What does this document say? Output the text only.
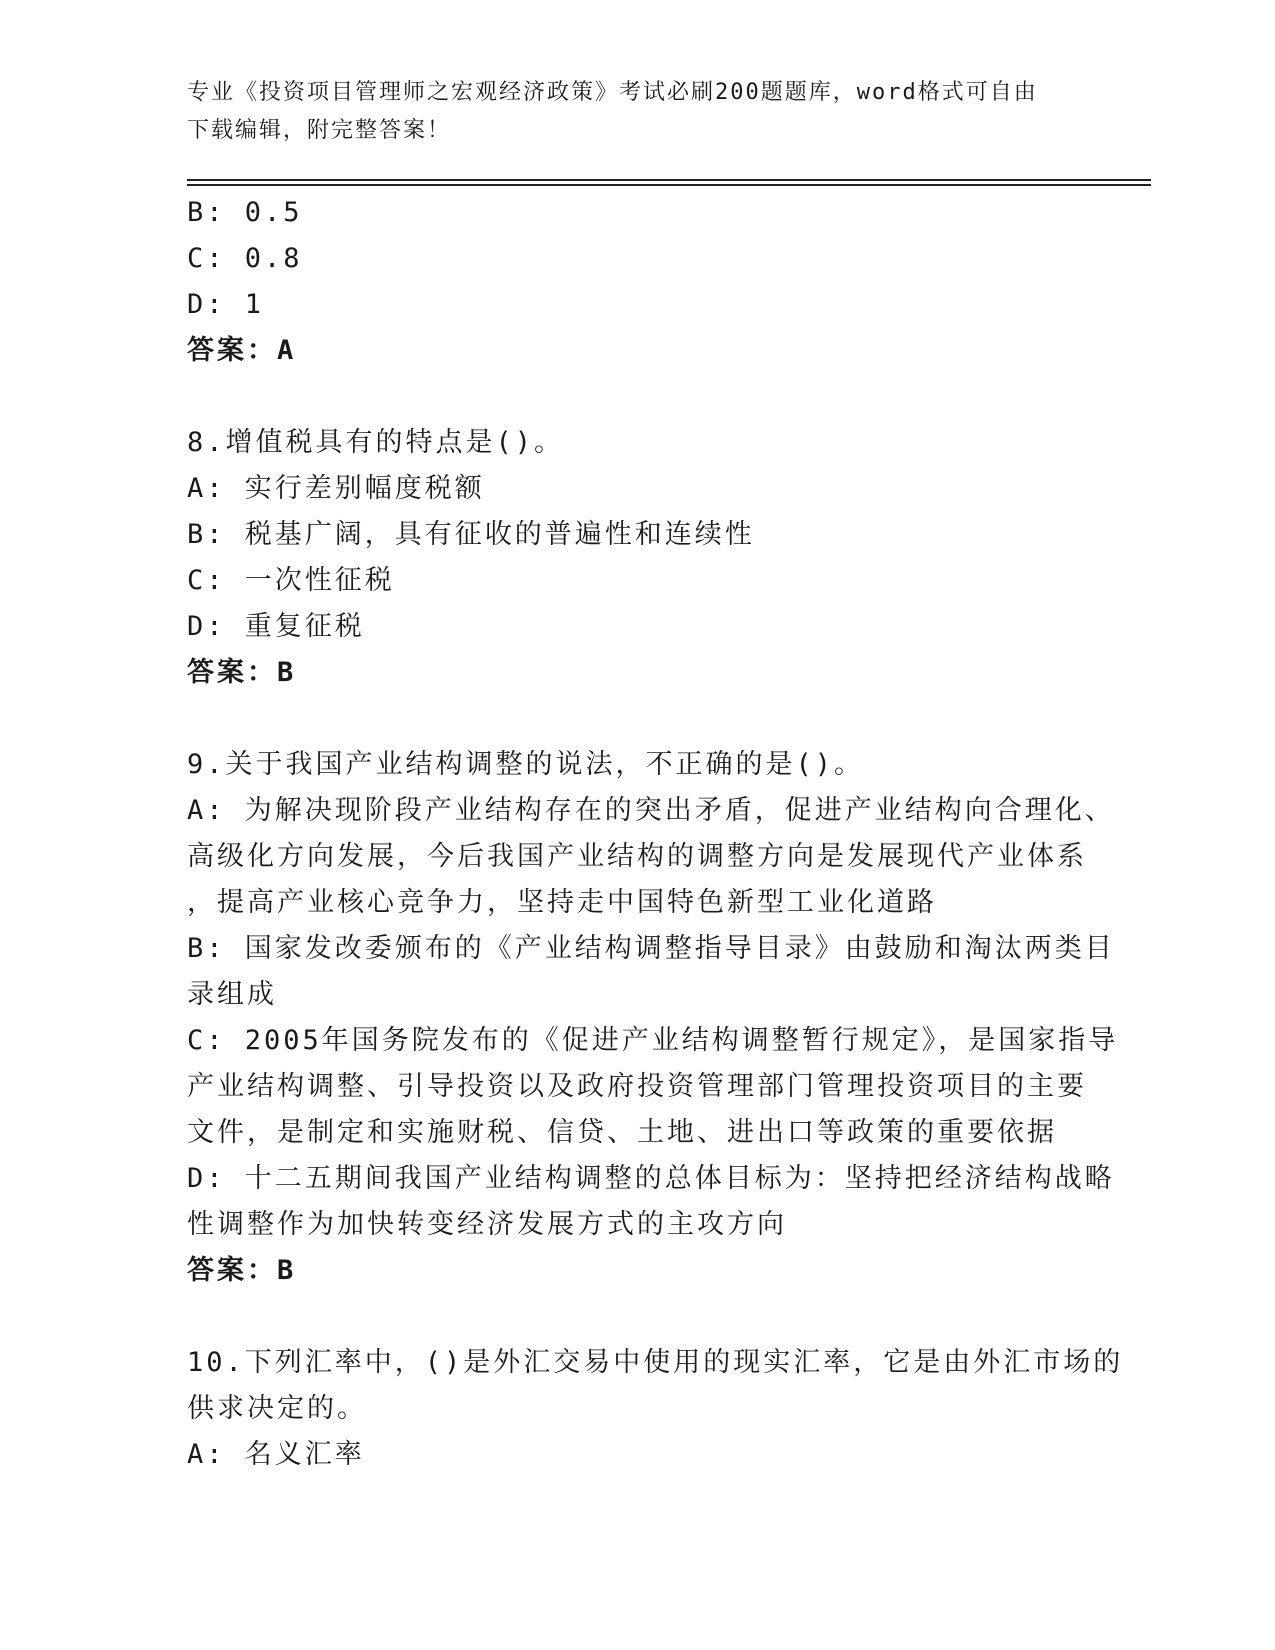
专业《投资项目管理师之宏观经济政策》考试必刷200题题库，word格式可自由
下载编辑，附完整答案！
B: 0.5
C: 0.8
D: 1
答案：A
8.增值税具有的特点是()。
A: 实行差别幅度税额
B: 税基广阔，具有征收的普遍性和连续性
C: 一次性征税
D: 重复征税
答案：B
9.关于我国产业结构调整的说法，不正确的是()。
A: 为解决现阶段产业结构存在的突出矛盾，促进产业结构向合理化、
高级化方向发展，今后我国产业结构的调整方向是发展现代产业体系
，提高产业核心竞争力，坚持走中国特色新型工业化道路
B: 国家发改委颁布的《产业结构调整指导目录》由鼓励和淘汰两类目
录组成
C: 2005年国务院发布的《促进产业结构调整暂行规定》，是国家指导
产业结构调整、引导投资以及政府投资管理部门管理投资项目的主要
文件，是制定和实施财税、信贷、土地、进出口等政策的重要依据
D: 十二五期间我国产业结构调整的总体目标为：坚持把经济结构战略
性调整作为加快转变经济发展方式的主攻方向
答案：B
10.下列汇率中，()是外汇交易中使用的现实汇率，它是由外汇市场的
供求决定的。
A: 名义汇率
